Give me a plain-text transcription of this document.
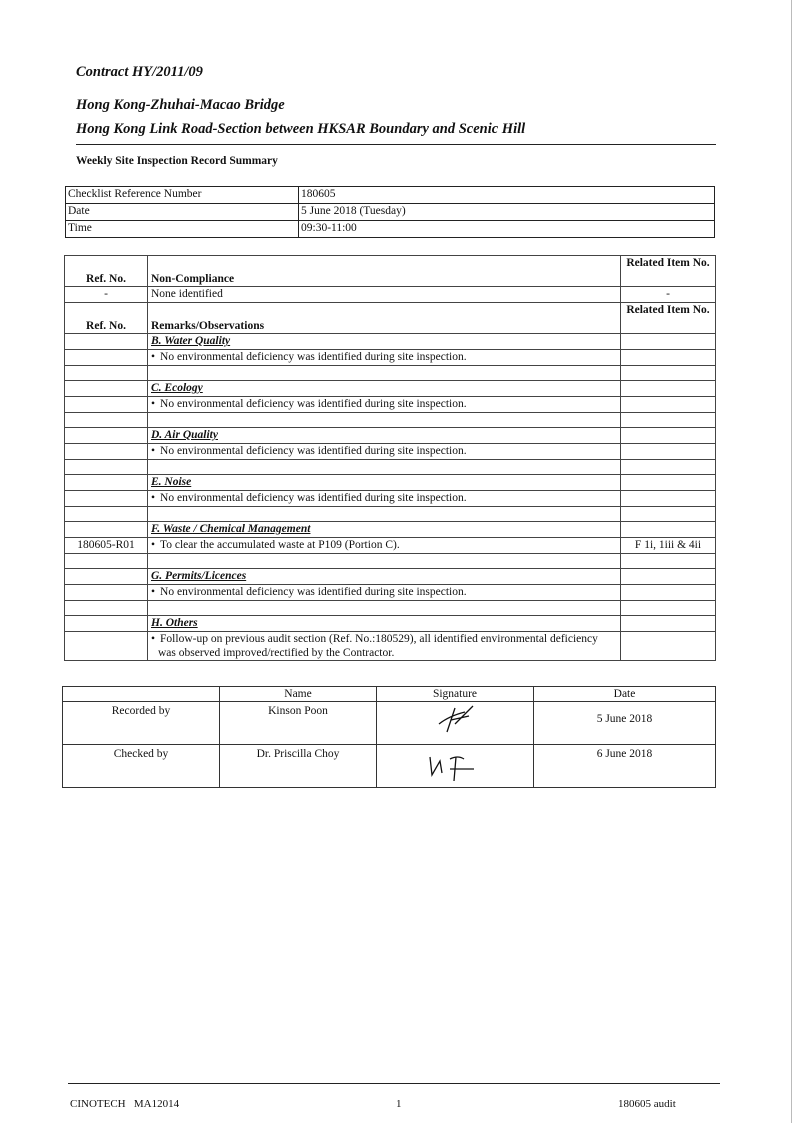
Contract HY/2011/09
Hong Kong-Zhuhai-Macao Bridge
Hong Kong Link Road-Section between HKSAR Boundary and Scenic Hill
Weekly Site Inspection Record Summary
Checklist Reference Number	180605
Date	5 June 2018 (Tuesday)
Time	09:30-11:00
Ref. No.	Non-Compliance	Related Item No.
-	None identified	-
Ref. No.	Remarks/Observations	Related Item No.
	B. Water Quality	
	• No environmental deficiency was identified during site inspection.	

	C. Ecology	
	• No environmental deficiency was identified during site inspection.	

	D. Air Quality	
	• No environmental deficiency was identified during site inspection.	

	E. Noise	
	• No environmental deficiency was identified during site inspection.	

	F. Waste / Chemical Management	
180605-R01	• To clear the accumulated waste at P109 (Portion C).	F 1i, 1iii & 4ii

	G. Permits/Licences	
	• No environmental deficiency was identified during site inspection.	

	H. Others	
	• Follow-up on previous audit section (Ref. No.:180529), all identified environmental deficiency was observed improved/rectified by the Contractor.	
	Name	Signature	Date
Recorded by	Kinson Poon		5 June 2018
Checked by	Dr. Priscilla Choy		6 June 2018
CINOTECH   MA12014	1	180605 audit
